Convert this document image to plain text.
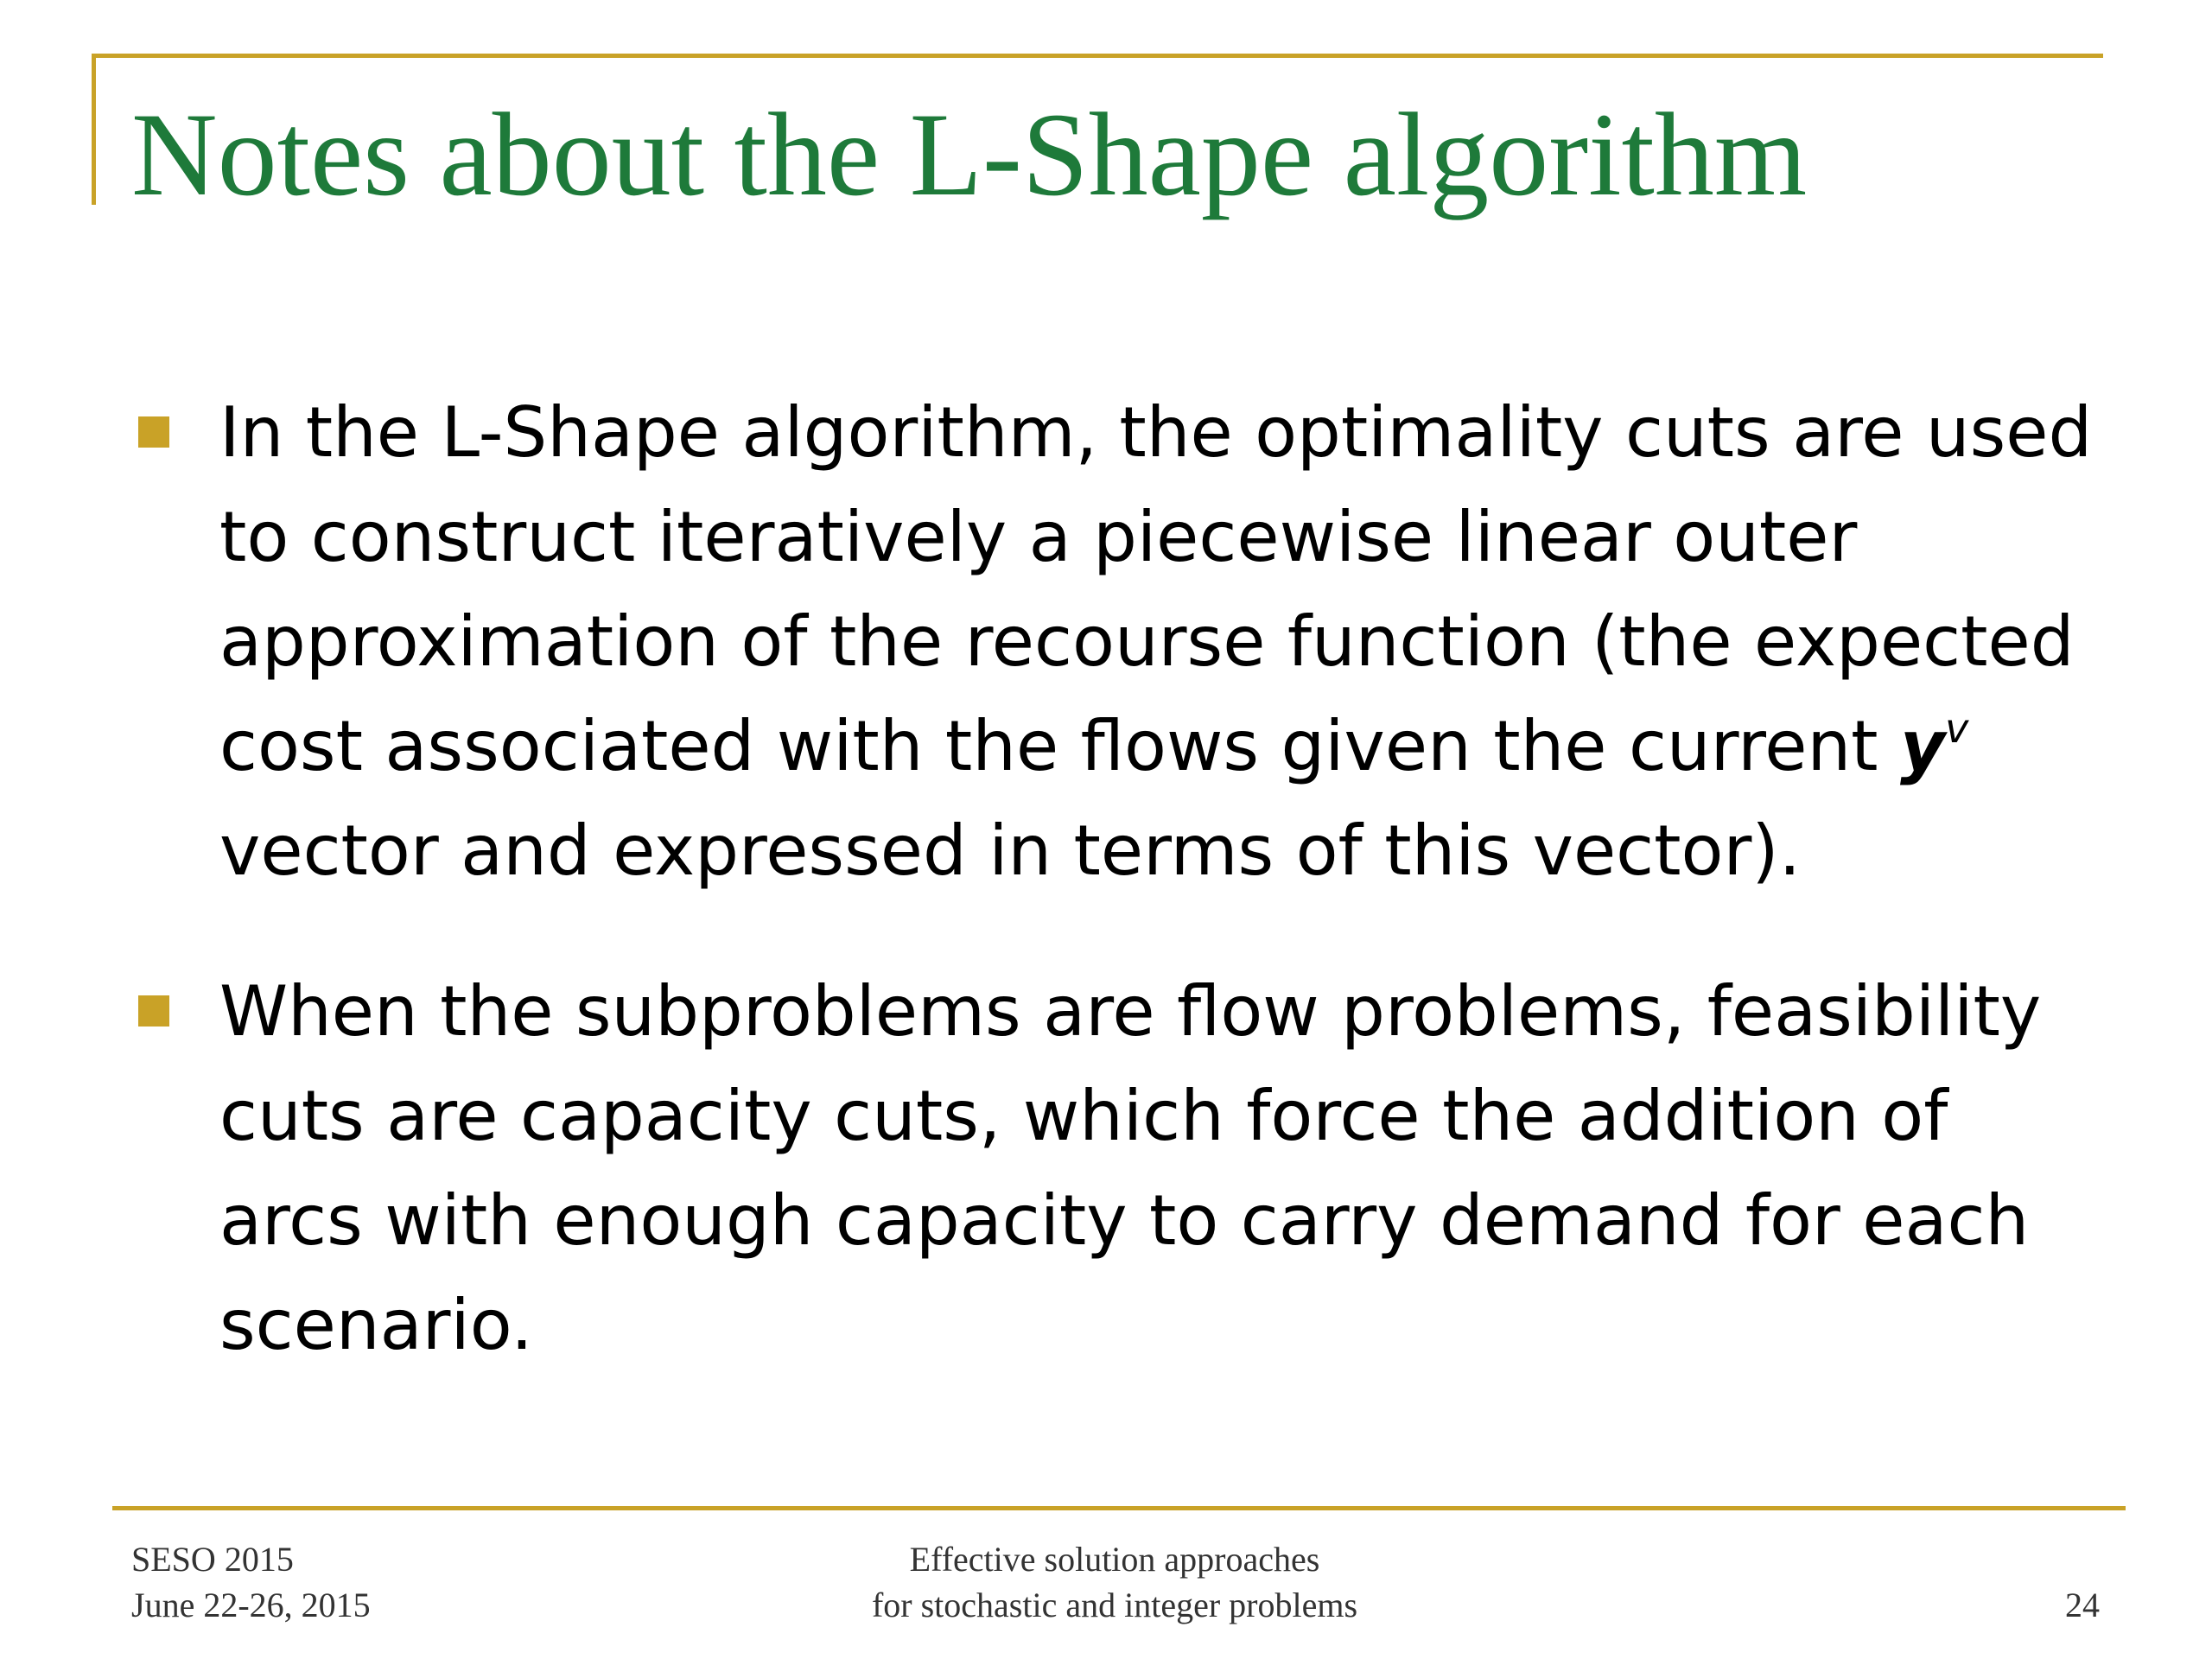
Notes about the L-Shape algorithm
In the L-Shape algorithm, the optimality cuts are used
to construct iteratively a piecewise linear outer
approximation of the recourse function (the expected
cost associated with the flows given the current $y^v$
vector and expressed in terms of this vector).
When the subproblems are flow problems, feasibility
cuts are capacity cuts, which force the addition of
arcs with enough capacity to carry demand for each
scenario.
SESO 2015
June 22-26, 2015
Effective solution approaches
for stochastic and integer problems	24
